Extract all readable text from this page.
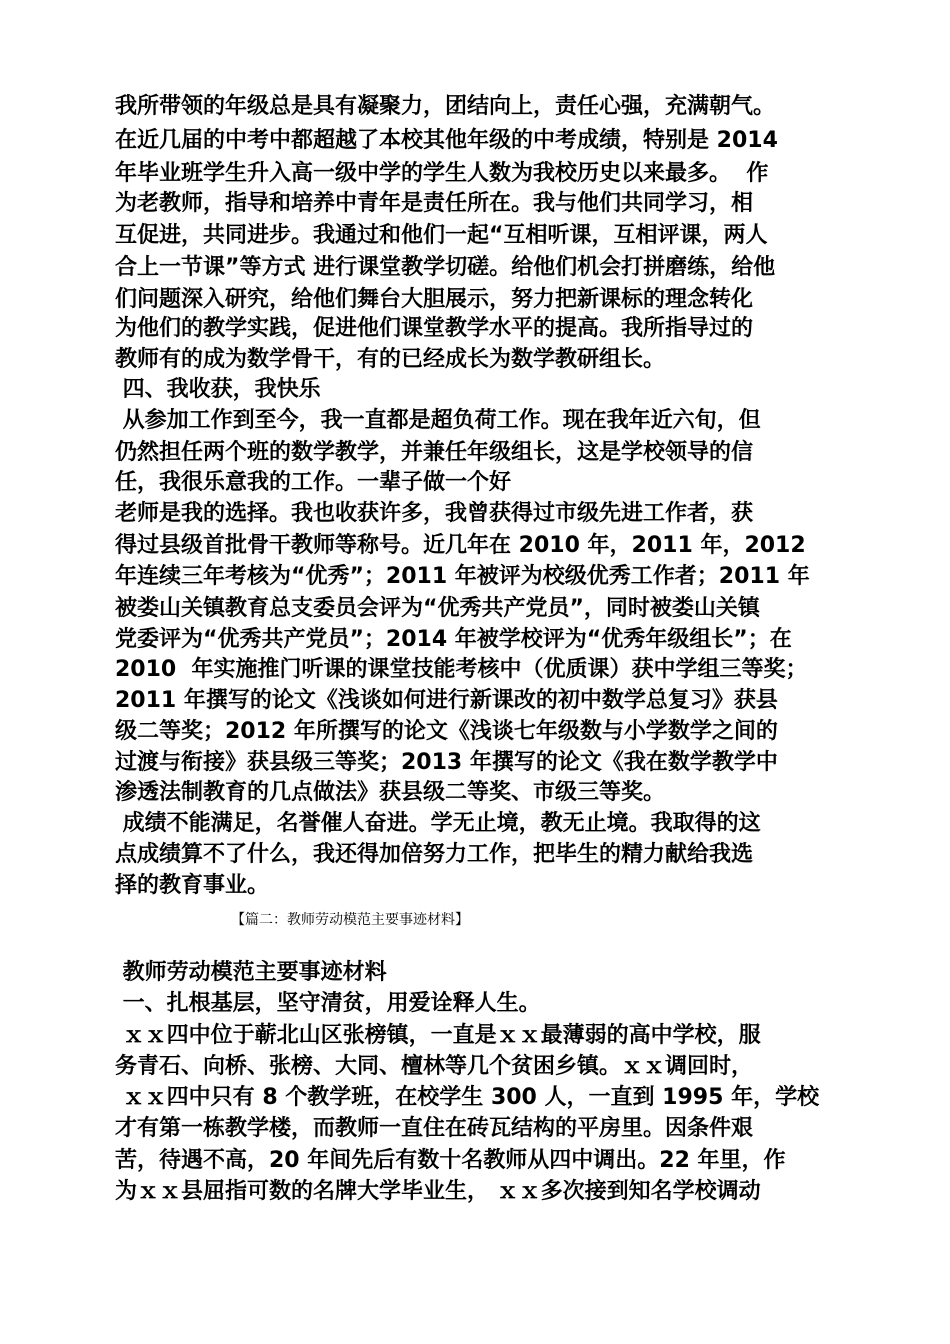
我所带领的年级总是具有凝聚力，团结向上，责任心强，充满朝气。
在近几届的中考中都超越了本校其他年级的中考成绩，特别是 2014
年毕业班学生升入高一级中学的学生人数为我校历史以来最多。  作
为老教师，指导和培养中青年是责任所在。我与他们共同学习，相
互促进，共同进步。我通过和他们一起“互相听课，互相评课，两人
合上一节课”等方式 进行课堂教学切磋。给他们机会打拼磨练，给他
们问题深入研究，给他们舞台大胆展示，努力把新课标的理念转化
为他们的教学实践，促进他们课堂教学水平的提高。我所指导过的
教师有的成为数学骨干，有的已经成长为数学教研组长。
四、我收获，我快乐
从参加工作到至今，我一直都是超负荷工作。现在我年近六旬，但
仍然担任两个班的数学教学，并兼任年级组长，这是学校领导的信
任，我很乐意我的工作。一辈子做一个好
老师是我的选择。我也收获许多，我曾获得过市级先进工作者，获
得过县级首批骨干教师等称号。近几年在 2010 年，2011 年，2012
年连续三年考核为“优秀”；2011 年被评为校级优秀工作者；2011 年
被娄山关镇教育总支委员会评为“优秀共产党员”，同时被娄山关镇
党委评为“优秀共产党员”；2014 年被学校评为“优秀年级组长”；在
2010  年实施推门听课的课堂技能考核中（优质课）获中学组三等奖；
2011 年撰写的论文《浅谈如何进行新课改的初中数学总复习》获县
级二等奖；2012 年所撰写的论文《浅谈七年级数与小学数学之间的
过渡与衔接》获县级三等奖；2013 年撰写的论文《我在数学教学中
渗透法制教育的几点做法》获县级二等奖、市级三等奖。
成绩不能满足，名誉催人奋进。学无止境，教无止境。我取得的这
点成绩算不了什么，我还得加倍努力工作，把毕生的精力献给我选
择的教育事业。
【篇二：教师劳动模范主要事迹材料】
教师劳动模范主要事迹材料
一、扎根基层，坚守清贫，用爱诠释人生。
ｘｘ四中位于蕲北山区张榜镇，一直是ｘｘ最薄弱的高中学校，服
务青石、向桥、张榜、大同、檀林等几个贫困乡镇。ｘｘ调回时，
ｘｘ四中只有 8 个教学班，在校学生 300 人，一直到 1995 年，学校
才有第一栋教学楼，而教师一直住在砖瓦结构的平房里。因条件艰
苦，待遇不高，20 年间先后有数十名教师从四中调出。22 年里，作
为ｘｘ县屈指可数的名牌大学毕业生， ｘｘ多次接到知名学校调动
